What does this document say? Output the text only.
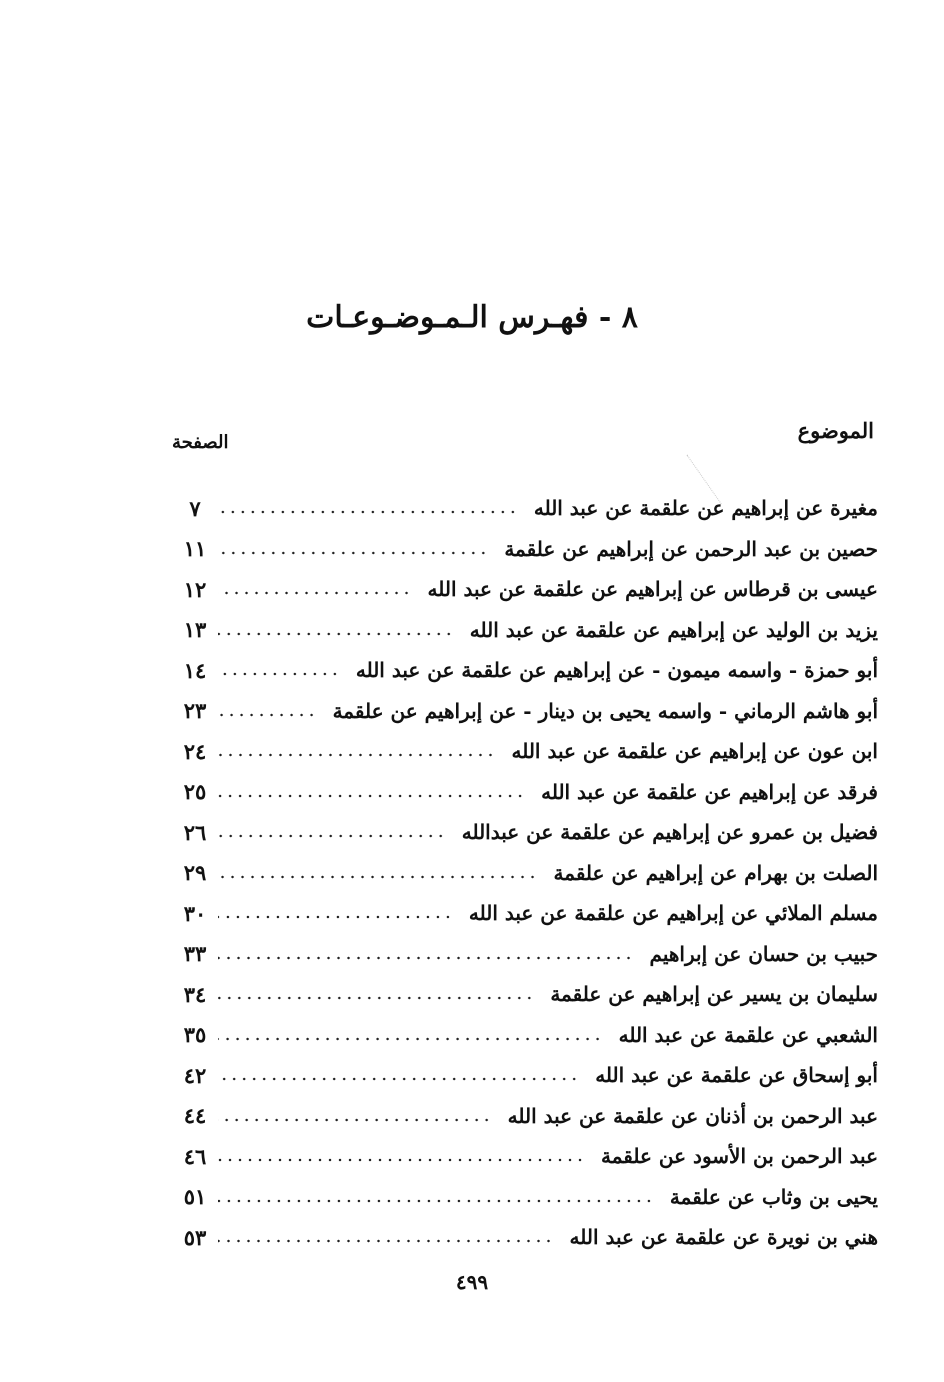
٨ - فهـرس الـمـوضـوعـات
الموضوع
الصفحة
مغيرة عن إبراهيم عن علقمة عن عبد الله
٧
حصين بن عبد الرحمن عن إبراهيم عن علقمة
١١
عيسى بن قرطاس عن إبراهيم عن علقمة عن عبد الله
١٢
يزيد بن الوليد عن إبراهيم عن علقمة عن عبد الله
١٣
أبو حمزة - واسمه ميمون - عن إبراهيم عن علقمة عن عبد الله
١٤
أبو هاشم الرماني - واسمه يحيى بن دينار - عن إبراهيم عن علقمة
٢٣
ابن عون عن إبراهيم عن علقمة عن عبد الله
٢٤
فرقد عن إبراهيم عن علقمة عن عبد الله
٢٥
فضيل بن عمرو عن إبراهيم عن علقمة عن عبدالله
٢٦
الصلت بن بهرام عن إبراهيم عن علقمة
٢٩
مسلم الملائي عن إبراهيم عن علقمة عن عبد الله
٣٠
حبيب بن حسان عن إبراهيم
٣٣
سليمان بن يسير عن إبراهيم عن علقمة
٣٤
الشعبي عن علقمة عن عبد الله
٣٥
أبو إسحاق عن علقمة عن عبد الله
٤٢
عبد الرحمن بن أذنان عن علقمة عن عبد الله
٤٤
عبد الرحمن بن الأسود عن علقمة
٤٦
يحيى بن وثاب عن علقمة
٥١
هني بن نويرة عن علقمة عن عبد الله
٥٣
٤٩٩
